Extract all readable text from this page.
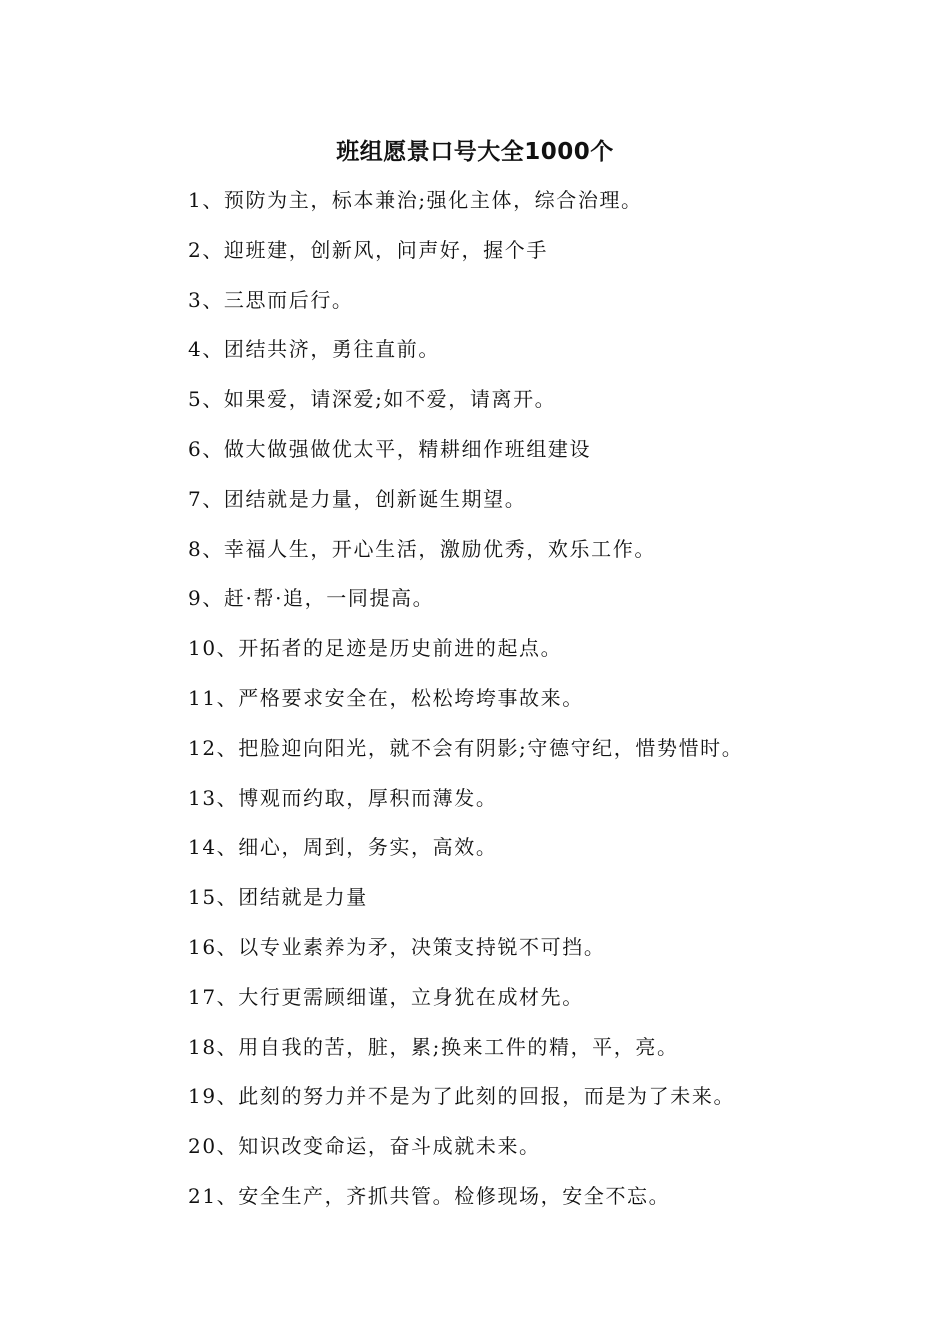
班组愿景口号大全1000个
1、预防为主，标本兼治;强化主体，综合治理。
2、迎班建，创新风，问声好，握个手
3、三思而后行。
4、团结共济，勇往直前。
5、如果爱，请深爱;如不爱，请离开。
6、做大做强做优太平，精耕细作班组建设
7、团结就是力量，创新诞生期望。
8、幸福人生，开心生活，激励优秀，欢乐工作。
9、赶·帮·追，一同提高。
10、开拓者的足迹是历史前进的起点。
11、严格要求安全在，松松垮垮事故来。
12、把脸迎向阳光，就不会有阴影;守德守纪，惜势惜时。
13、博观而约取，厚积而薄发。
14、细心，周到，务实，高效。
15、团结就是力量
16、以专业素养为矛，决策支持锐不可挡。
17、大行更需顾细谨，立身犹在成材先。
18、用自我的苦，脏，累;换来工件的精，平，亮。
19、此刻的努力并不是为了此刻的回报，而是为了未来。
20、知识改变命运，奋斗成就未来。
21、安全生产，齐抓共管。检修现场，安全不忘。
